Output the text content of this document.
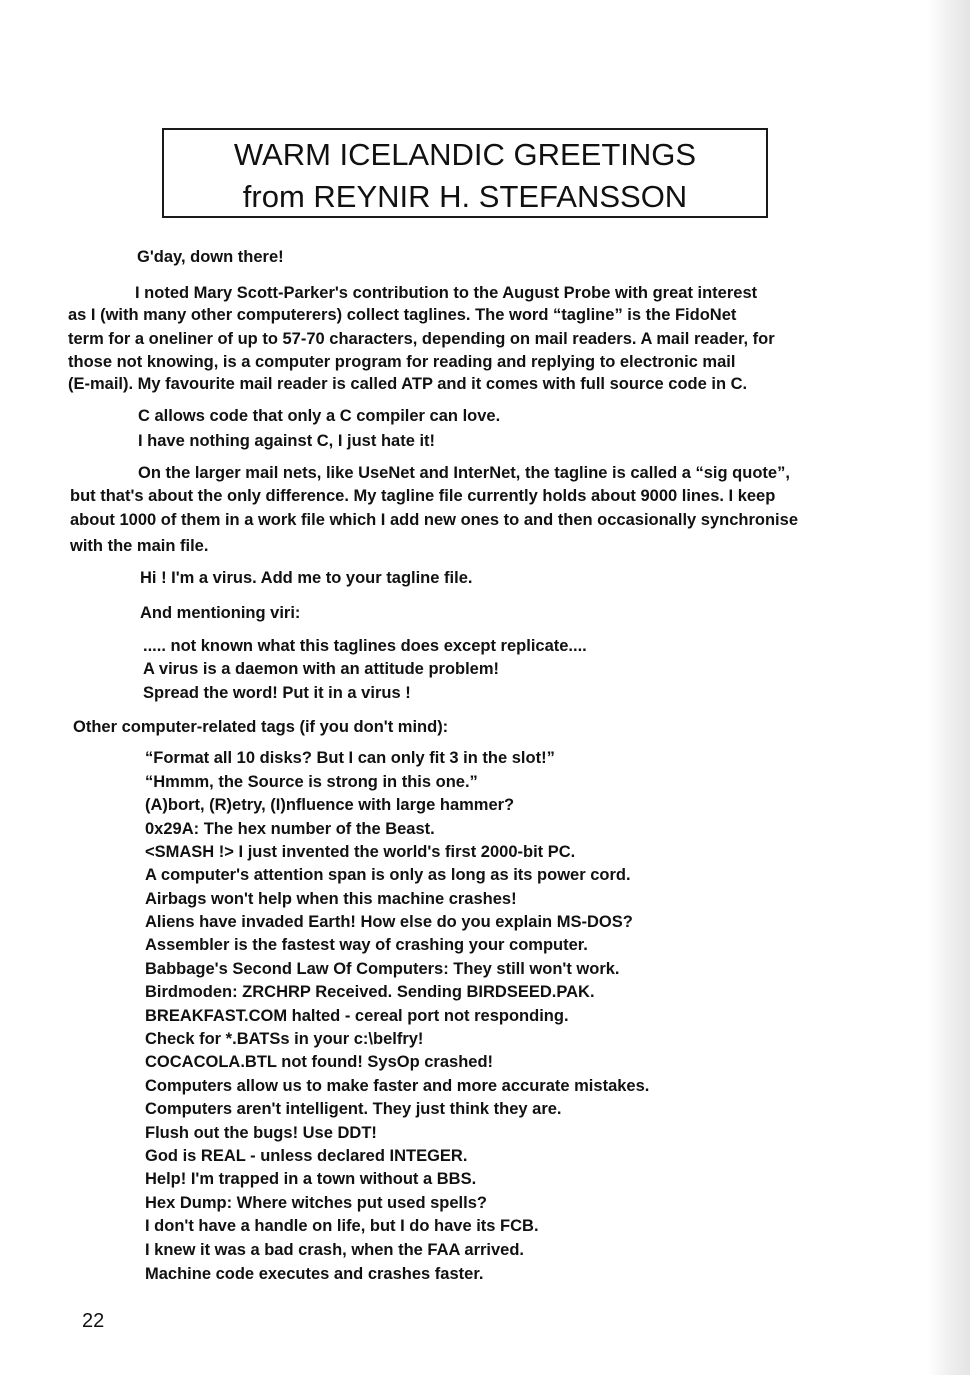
WARM ICELANDIC GREETINGS
from REYNIR H. STEFANSSON
G'day, down there!
I noted Mary Scott-Parker's contribution to the August Probe with great interest
as I (with many other computerers) collect taglines. The word “tagline” is the FidoNet
term for a oneliner of up to 57-70 characters, depending on mail readers. A mail reader, for
those not knowing, is a computer program for reading and replying to electronic mail
(E-mail). My favourite mail reader is called ATP and it comes with full source code in C.
C allows code that only a C compiler can love.
I have nothing against C, I just hate it!
On the larger mail nets, like UseNet and InterNet, the tagline is called a “sig quote”,
but that's about the only difference. My tagline file currently holds about 9000 lines. I keep
about 1000 of them in a work file which I add new ones to and then occasionally synchronise
with the main file.
Hi ! I'm a virus. Add me to your tagline file.
And mentioning viri:
..... not known what this taglines does except replicate....
A virus is a daemon with an attitude problem!
Spread the word! Put it in a virus !
Other computer-related tags (if you don't mind):
“Format all 10 disks? But I can only fit 3 in the slot!”
“Hmmm, the Source is strong in this one.”
(A)bort, (R)etry, (I)nfluence with large hammer?
0x29A: The hex number of the Beast.
<SMASH !> I just invented the world's first 2000-bit PC.
A computer's attention span is only as long as its power cord.
Airbags won't help when this machine crashes!
Aliens have invaded Earth! How else do you explain MS-DOS?
Assembler is the fastest way of crashing your computer.
Babbage's Second Law Of Computers: They still won't work.
Birdmoden: ZRCHRP Received. Sending BIRDSEED.PAK.
BREAKFAST.COM halted - cereal port not responding.
Check for *.BATSs in your c:\belfry!
COCACOLA.BTL not found! SysOp crashed!
Computers allow us to make faster and more accurate mistakes.
Computers aren't intelligent. They just think they are.
Flush out the bugs! Use DDT!
God is REAL - unless declared INTEGER.
Help! I'm trapped in a town without a BBS.
Hex Dump: Where witches put used spells?
I don't have a handle on life, but I do have its FCB.
I knew it was a bad crash, when the FAA arrived.
Machine code executes and crashes faster.
22
